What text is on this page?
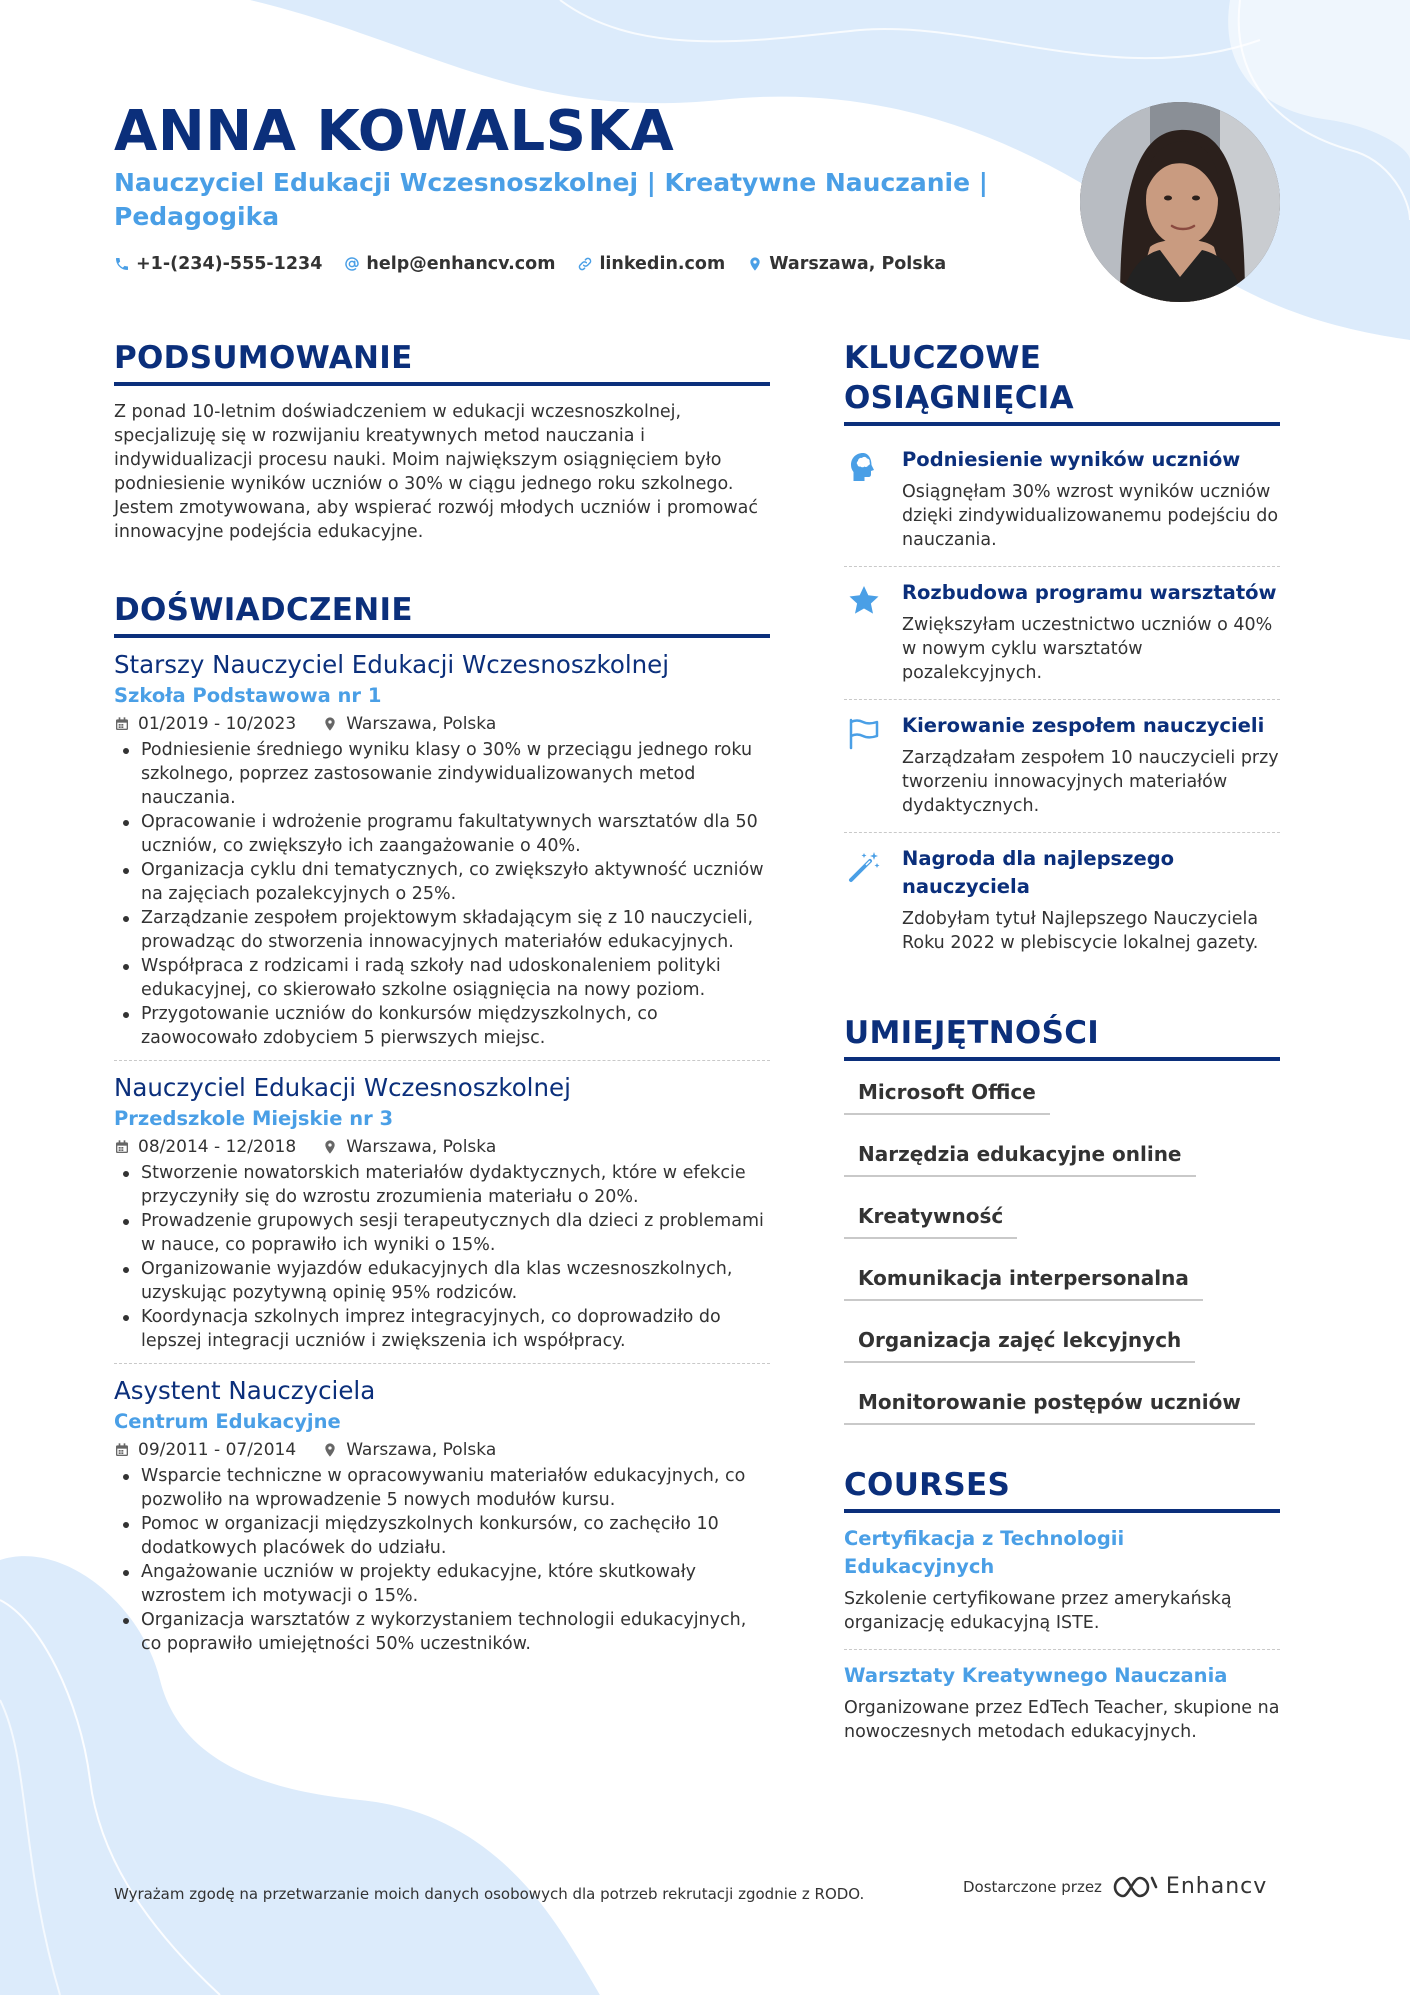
ANNA KOWALSKA
Nauczyciel Edukacji Wczesnoszkolnej | Kreatywne Nauczanie | Pedagogika
+1-(234)-555-1234	help@enhancv.com	linkedin.com	Warszawa, Polska
PODSUMOWANIE

Z ponad 10-letnim doświadczeniem w edukacji wczesnoszkolnej, specjalizuję się w rozwijaniu kreatywnych metod nauczania i indywidualizacji procesu nauki. Moim największym osiągnięciem było podniesienie wyników uczniów o 30% w ciągu jednego roku szkolnego. Jestem zmotywowana, aby wspierać rozwój młodych uczniów i promować innowacyjne podejścia edukacyjne.

DOŚWIADCZENIE
Starszy Nauczyciel Edukacji Wczesnoszkolnej
Szkoła Podstawowa nr 1
01/2019 - 10/2023	Warszawa, Polska
Podniesienie średniego wyniku klasy o 30% w przeciągu jednego roku szkolnego, poprzez zastosowanie zindywidualizowanych metod nauczania.
Opracowanie i wdrożenie programu fakultatywnych warsztatów dla 50 uczniów, co zwiększyło ich zaangażowanie o 40%.
Organizacja cyklu dni tematycznych, co zwiększyło aktywność uczniów na zajęciach pozalekcyjnych o 25%.
Zarządzanie zespołem projektowym składającym się z 10 nauczycieli, prowadząc do stworzenia innowacyjnych materiałów edukacyjnych.
Współpraca z rodzicami i radą szkoły nad udoskonaleniem polityki edukacyjnej, co skierowało szkolne osiągnięcia na nowy poziom.
Przygotowanie uczniów do konkursów międzyszkolnych, co zaowocowało zdobyciem 5 pierwszych miejsc.
Nauczyciel Edukacji Wczesnoszkolnej
Przedszkole Miejskie nr 3
08/2014 - 12/2018	Warszawa, Polska
Stworzenie nowatorskich materiałów dydaktycznych, które w efekcie przyczyniły się do wzrostu zrozumienia materiału o 20%.
Prowadzenie grupowych sesji terapeutycznych dla dzieci z problemami w nauce, co poprawiło ich wyniki o 15%.
Organizowanie wyjazdów edukacyjnych dla klas wczesnoszkolnych, uzyskując pozytywną opinię 95% rodziców.
Koordynacja szkolnych imprez integracyjnych, co doprowadziło do lepszej integracji uczniów i zwiększenia ich współpracy.
Asystent Nauczyciela
Centrum Edukacyjne
09/2011 - 07/2014	Warszawa, Polska
Wsparcie techniczne w opracowywaniu materiałów edukacyjnych, co pozwoliło na wprowadzenie 5 nowych modułów kursu.
Pomoc w organizacji międzyszkolnych konkursów, co zachęciło 10 dodatkowych placówek do udziału.
Angażowanie uczniów w projekty edukacyjne, które skutkowały wzrostem ich motywacji o 15%.
Organizacja warsztatów z wykorzystaniem technologii edukacyjnych, co poprawiło umiejętności 50% uczestników.
KLUCZOWE OSIĄGNIĘCIA
Podniesienie wyników uczniów
Osiągnęłam 30% wzrost wyników uczniów dzięki zindywidualizowanemu podejściu do nauczania.
Rozbudowa programu warsztatów
Zwiększyłam uczestnictwo uczniów o 40% w nowym cyklu warsztatów pozalekcyjnych.
Kierowanie zespołem nauczycieli
Zarządzałam zespołem 10 nauczycieli przy tworzeniu innowacyjnych materiałów dydaktycznych.
Nagroda dla najlepszego nauczyciela
Zdobyłam tytuł Najlepszego Nauczyciela Roku 2022 w plebiscycie lokalnej gazety.
UMIEJĘTNOŚCI
Microsoft Office
Narzędzia edukacyjne online
Kreatywność
Komunikacja interpersonalna
Organizacja zajęć lekcyjnych
Monitorowanie postępów uczniów
COURSES
Certyfikacja z Technologii Edukacyjnych
Szkolenie certyfikowane przez amerykańską organizację edukacyjną ISTE.
Warsztaty Kreatywnego Nauczania
Organizowane przez EdTech Teacher, skupione na nowoczesnych metodach edukacyjnych.
Wyrażam zgodę na przetwarzanie moich danych osobowych dla potrzeb rekrutacji zgodnie z RODO.	Dostarczone przez	Enhancv
